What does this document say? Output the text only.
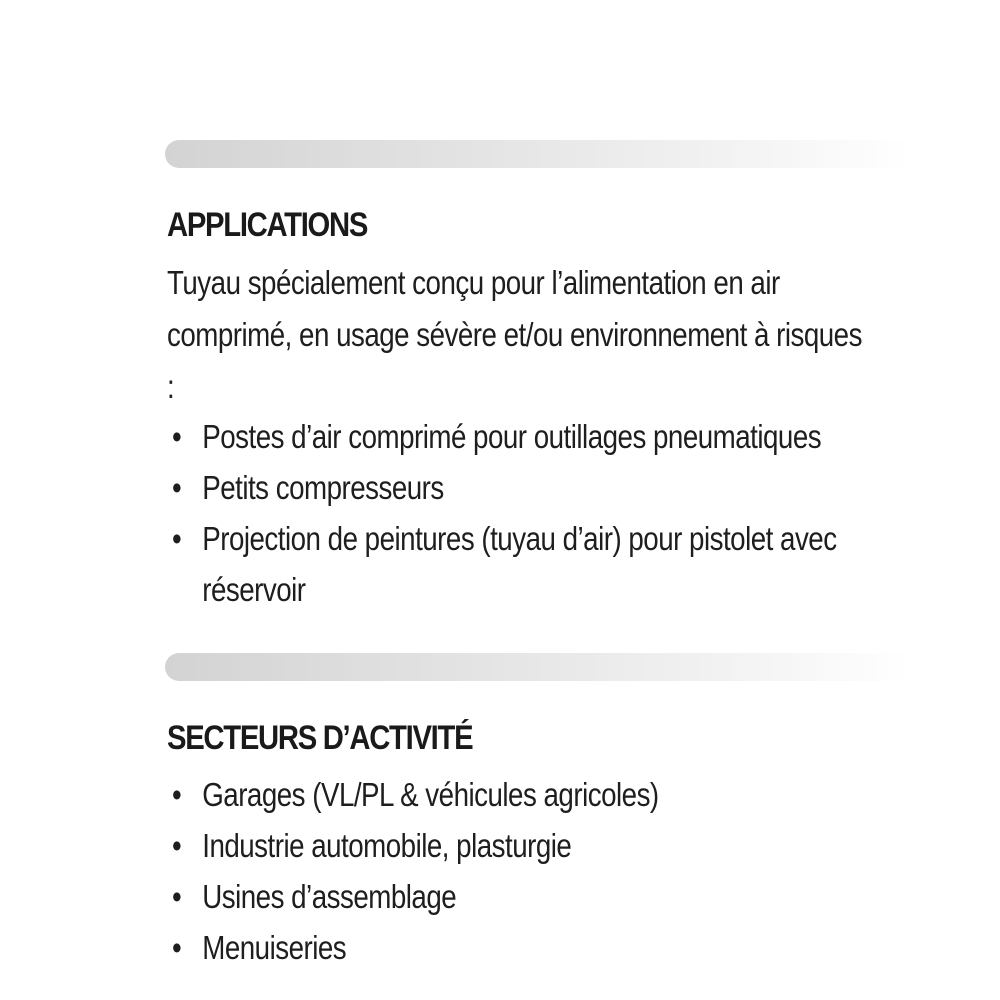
APPLICATIONS

Tuyau spécialement conçu pour l’alimentation en air comprimé, en usage sévère et/ou environnement à risques :

• Postes d’air comprimé pour outillages pneumatiques
• Petits compresseurs
• Projection de peintures (tuyau d’air) pour pistolet avec réservoir
SECTEURS D’ACTIVITÉ
• Garages (VL/PL & véhicules agricoles)
• Industrie automobile, plasturgie
• Usines d’assemblage
• Menuiseries
